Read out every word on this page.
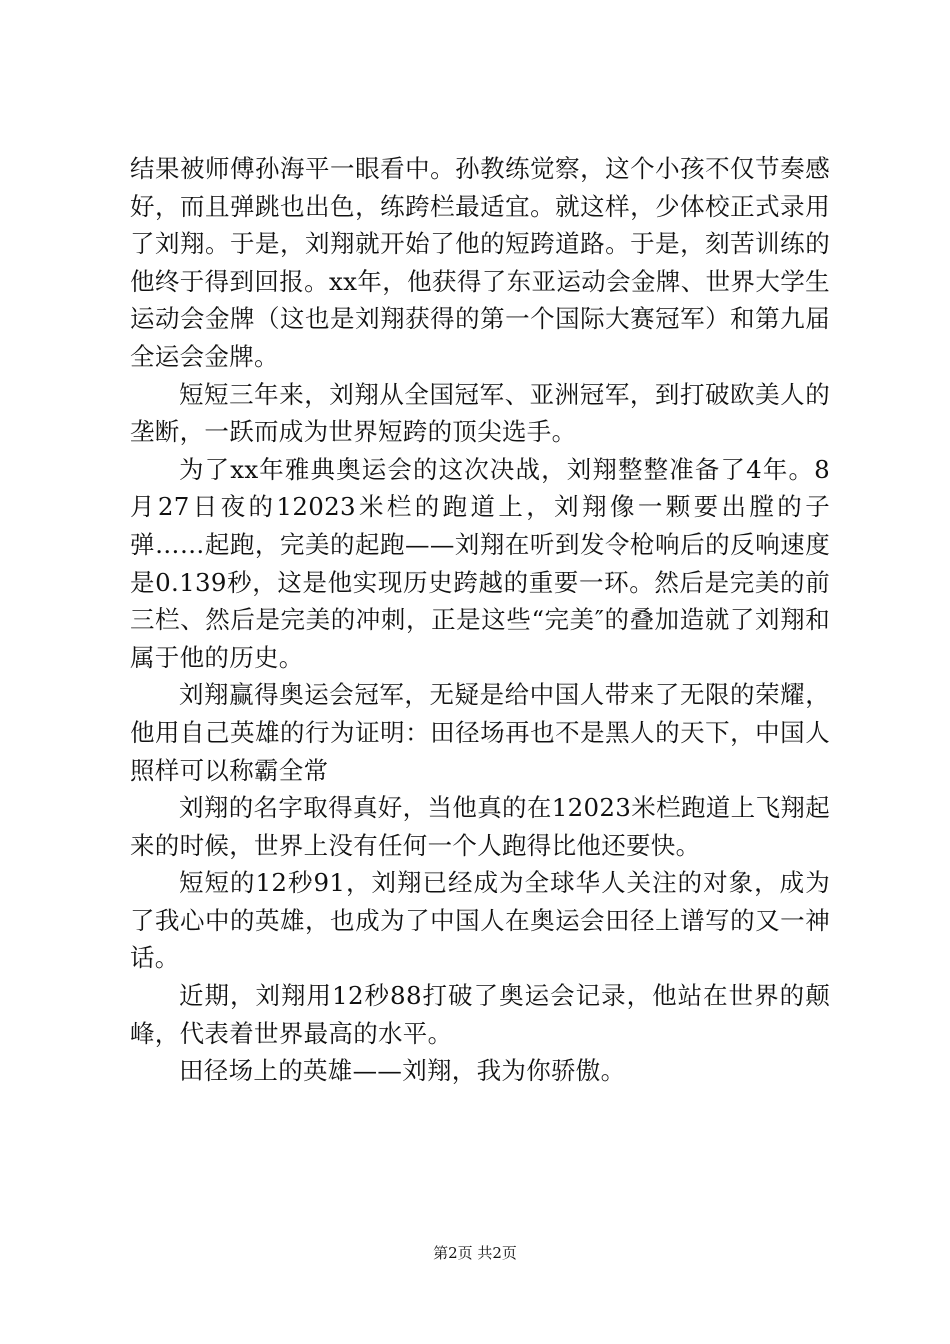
结果被师傅孙海平一眼看中。孙教练觉察，这个小孩不仅节奏感好，而且弹跳也出色，练跨栏最适宜。就这样，少体校正式录用了刘翔。于是，刘翔就开始了他的短跨道路。于是，刻苦训练的他终于得到回报。xx年，他获得了东亚运动会金牌、世界大学生运动会金牌（这也是刘翔获得的第一个国际大赛冠军）和第九届全运会金牌。

短短三年来，刘翔从全国冠军、亚洲冠军，到打破欧美人的垄断，一跃而成为世界短跨的顶尖选手。

为了xx年雅典奥运会的这次决战，刘翔整整准备了4年。8月27日夜的12023米栏的跑道上，刘翔像一颗要出膛的子弹……起跑，完美的起跑——刘翔在听到发令枪响后的反响速度是0.139秒，这是他实现历史跨越的重要一环。然后是完美的前三栏、然后是完美的冲刺，正是这些“完美″的叠加造就了刘翔和属于他的历史。

刘翔赢得奥运会冠军，无疑是给中国人带来了无限的荣耀，他用自己英雄的行为证明：田径场再也不是黑人的天下，中国人照样可以称霸全常

刘翔的名字取得真好，当他真的在12023米栏跑道上飞翔起来的时候，世界上没有任何一个人跑得比他还要快。

短短的12秒91，刘翔已经成为全球华人关注的对象，成为了我心中的英雄，也成为了中国人在奥运会田径上谱写的又一神话。

近期，刘翔用12秒88打破了奥运会记录，他站在世界的颠峰，代表着世界最高的水平。

田径场上的英雄——刘翔，我为你骄傲。

第2页 共2页
